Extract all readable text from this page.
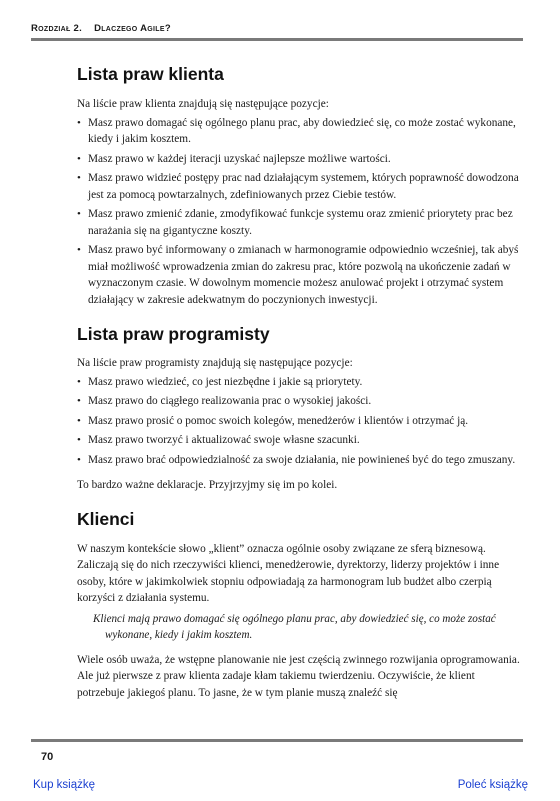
Rozdział 2. Dlaczego Agile?
Lista praw klienta

Na liście praw klienta znajdują się następujące pozycje:

• Masz prawo domagać się ogólnego planu prac, aby dowiedzieć się, co może zostać wykonane, kiedy i jakim kosztem.
• Masz prawo w każdej iteracji uzyskać najlepsze możliwe wartości.
• Masz prawo widzieć postępy prac nad działającym systemem, których poprawność dowodzona jest za pomocą powtarzalnych, zdefiniowanych przez Ciebie testów.
• Masz prawo zmienić zdanie, zmodyfikować funkcje systemu oraz zmienić priorytety prac bez narażania się na gigantyczne koszty.
• Masz prawo być informowany o zmianach w harmonogramie odpowiednio wcześniej, tak abyś miał możliwość wprowadzenia zmian do zakresu prac, które pozwolą na ukończenie zadań w wyznaczonym czasie. W dowolnym momencie możesz anulować projekt i otrzymać system działający w zakresie adekwatnym do poczynionych inwestycji.
Lista praw programisty

Na liście praw programisty znajdują się następujące pozycje:

• Masz prawo wiedzieć, co jest niezbędne i jakie są priorytety.
• Masz prawo do ciągłego realizowania prac o wysokiej jakości.
• Masz prawo prosić o pomoc swoich kolegów, menedżerów i klientów i otrzymać ją.
• Masz prawo tworzyć i aktualizować swoje własne szacunki.
• Masz prawo brać odpowiedzialność za swoje działania, nie powinieneś być do tego zmuszany.

To bardzo ważne deklaracje. Przyjrzyjmy się im po kolei.

Klienci

W naszym kontekście słowo „klient” oznacza ogólnie osoby związane ze sferą biznesową. Zaliczają się do nich rzeczywiści klienci, menedżerowie, dyrektorzy, liderzy projektów i inne osoby, które w jakimkolwiek stopniu odpowiadają za harmonogram lub budżet albo czerpią korzyści z działania systemu.

Klienci mają prawo domagać się ogólnego planu prac, aby dowiedzieć się, co może zostać
wykonane, kiedy i jakim kosztem.

Wiele osób uważa, że wstępne planowanie nie jest częścią zwinnego rozwijania oprogramowania. Ale już pierwsze z praw klienta zadaje kłam takiemu twierdzeniu. Oczywiście, że klient potrzebuje jakiegoś planu. To jasne, że w tym planie muszą znaleźć się

70
Kup książkę	Poleć książkę
